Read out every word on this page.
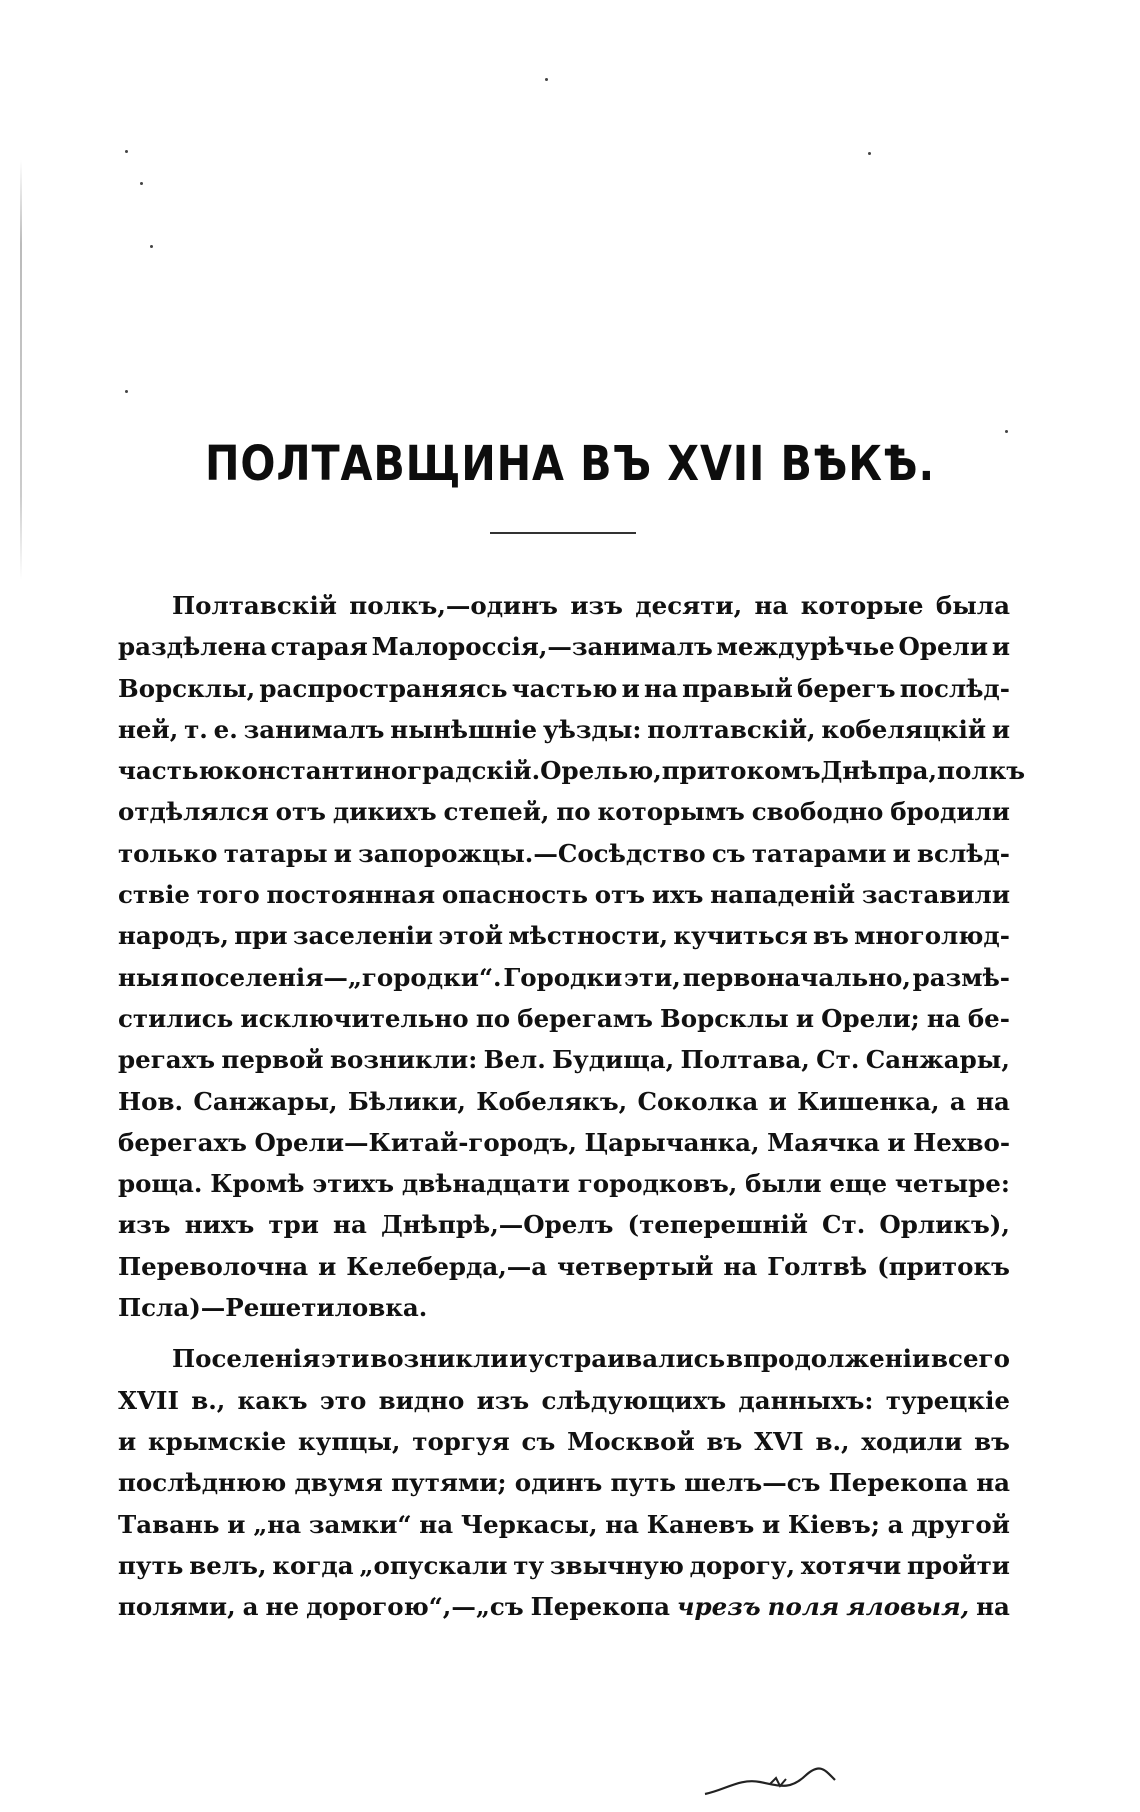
ПОЛТАВЩИНА ВЪ XVII ВѢКѢ.
Полтавскій полкъ,—одинъ изъ десяти, на которые была
раздѣлена старая Малороссія,—занималъ междурѣчье Орели и
Ворсклы, распространяясь частью и на правый берегъ послѣд-
ней, т. е. занималъ нынѣшніе уѣзды: полтавскій, кобеляцкій и
частью константиноградскій. Орелью, притокомъ Днѣпра, полкъ
отдѣлялся отъ дикихъ степей, по которымъ свободно бродили
только татары и запорожцы.—Сосѣдство съ татарами и вслѣд-
ствіе того постоянная опасность отъ ихъ нападеній заставили
народъ, при заселеніи этой мѣстности, кучиться въ многолюд-
ныя поселенія—„городки“. Городки эти, первоначально, размѣ-
стились исключительно по берегамъ Ворсклы и Орели; на бе-
регахъ первой возникли: Вел. Будища, Полтава, Ст. Санжары,
Нов. Санжары, Бѣлики, Кобелякъ, Соколка и Кишенка, а на
берегахъ Орели—Китай-городъ, Царычанка, Маячка и Нехво-
роща. Кромѣ этихъ двѣнадцати городковъ, были еще четыре:
изъ нихъ три на Днѣпрѣ,—Орелъ (теперешній Ст. Орликъ),
Переволочна и Келеберда,—а четвертый на Голтвѣ (притокъ
Псла)—Решетиловка.
Поселенія эти возникли и устраивались впродолженіи всего
XVII в., какъ это видно изъ слѣдующихъ данныхъ: турецкіе
и крымскіе купцы, торгуя съ Москвой въ XVI в., ходили въ
послѣднюю двумя путями; одинъ путь шелъ—съ Перекопа на
Тавань и „на замки“ на Черкасы, на Каневъ и Кіевъ; а другой
путь велъ, когда „опускали ту звычную дорогу, хотячи пройти
полями, а не дорогою“,—„съ Перекопа чрезъ поля яловыя, на
